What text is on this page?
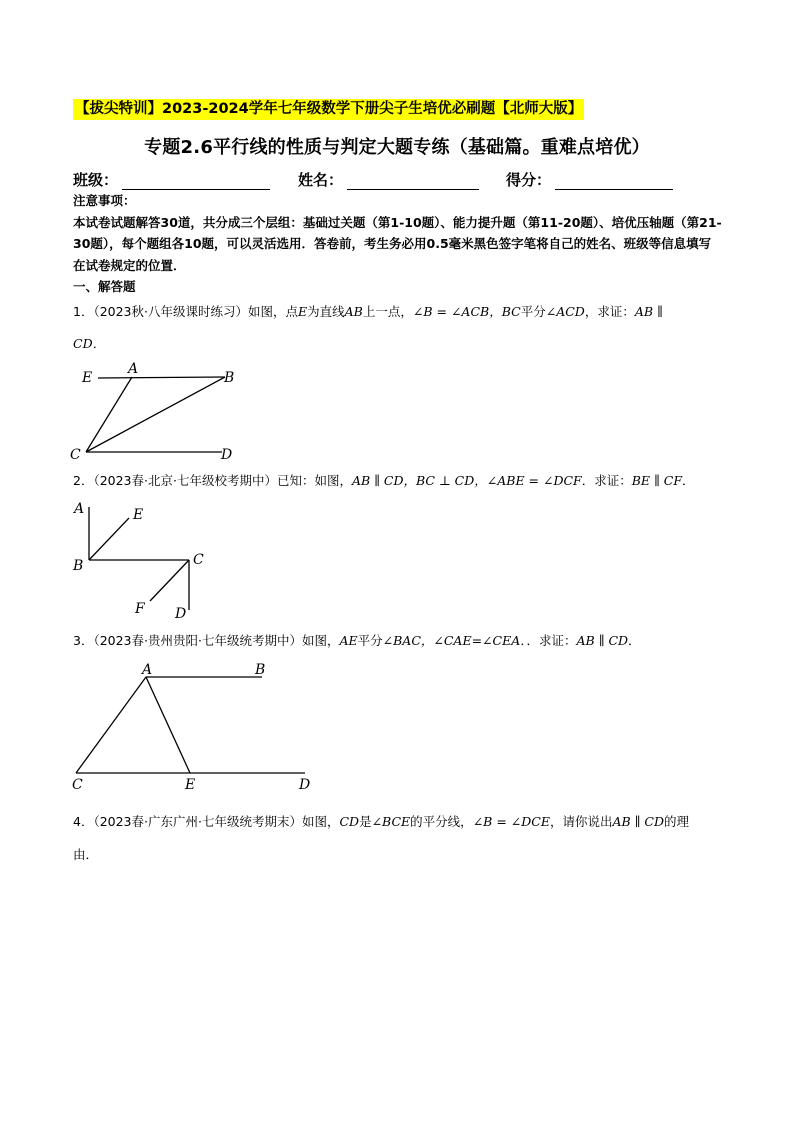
【拔尖特训】2023-2024学年七年级数学下册尖子生培优必刷题【北师大版】
专题2.6平行线的性质与判定大题专练（基础篇。重难点培优）
班级：	姓名：	得分：
注意事项：
本试卷试题解答30道，共分成三个层组：基础过关题（第1-10题）、能力提升题（第11-20题）、培优压轴题（第21-30题），每个题组各10题，可以灵活选用．答卷前，考生务必用0.5毫米黑色签字笔将自己的姓名、班级等信息填写在试卷规定的位置．
一、解答题
1．（2023秋·八年级课时练习）如图，点E为直线AB上一点，∠B = ∠ACB，BC平分∠ACD，求证：AB ∥
CD．
E
A
B
C	D
2．（2023春·北京·七年级校考期中）已知：如图，AB ∥ CD，BC ⊥ CD，∠ABE = ∠DCF．求证：BE ∥ CF．
A	E
B	C
F D
3．（2023春·贵州贵阳·七年级统考期中）如图，AE平分∠BAC，∠CAE=∠CEA．．求证：AB ∥ CD．
A	B
C	E	D
4．（2023春·广东广州·七年级统考期末）如图，CD是∠BCE的平分线，∠B = ∠DCE，请你说出AB ∥ CD的理
由．
